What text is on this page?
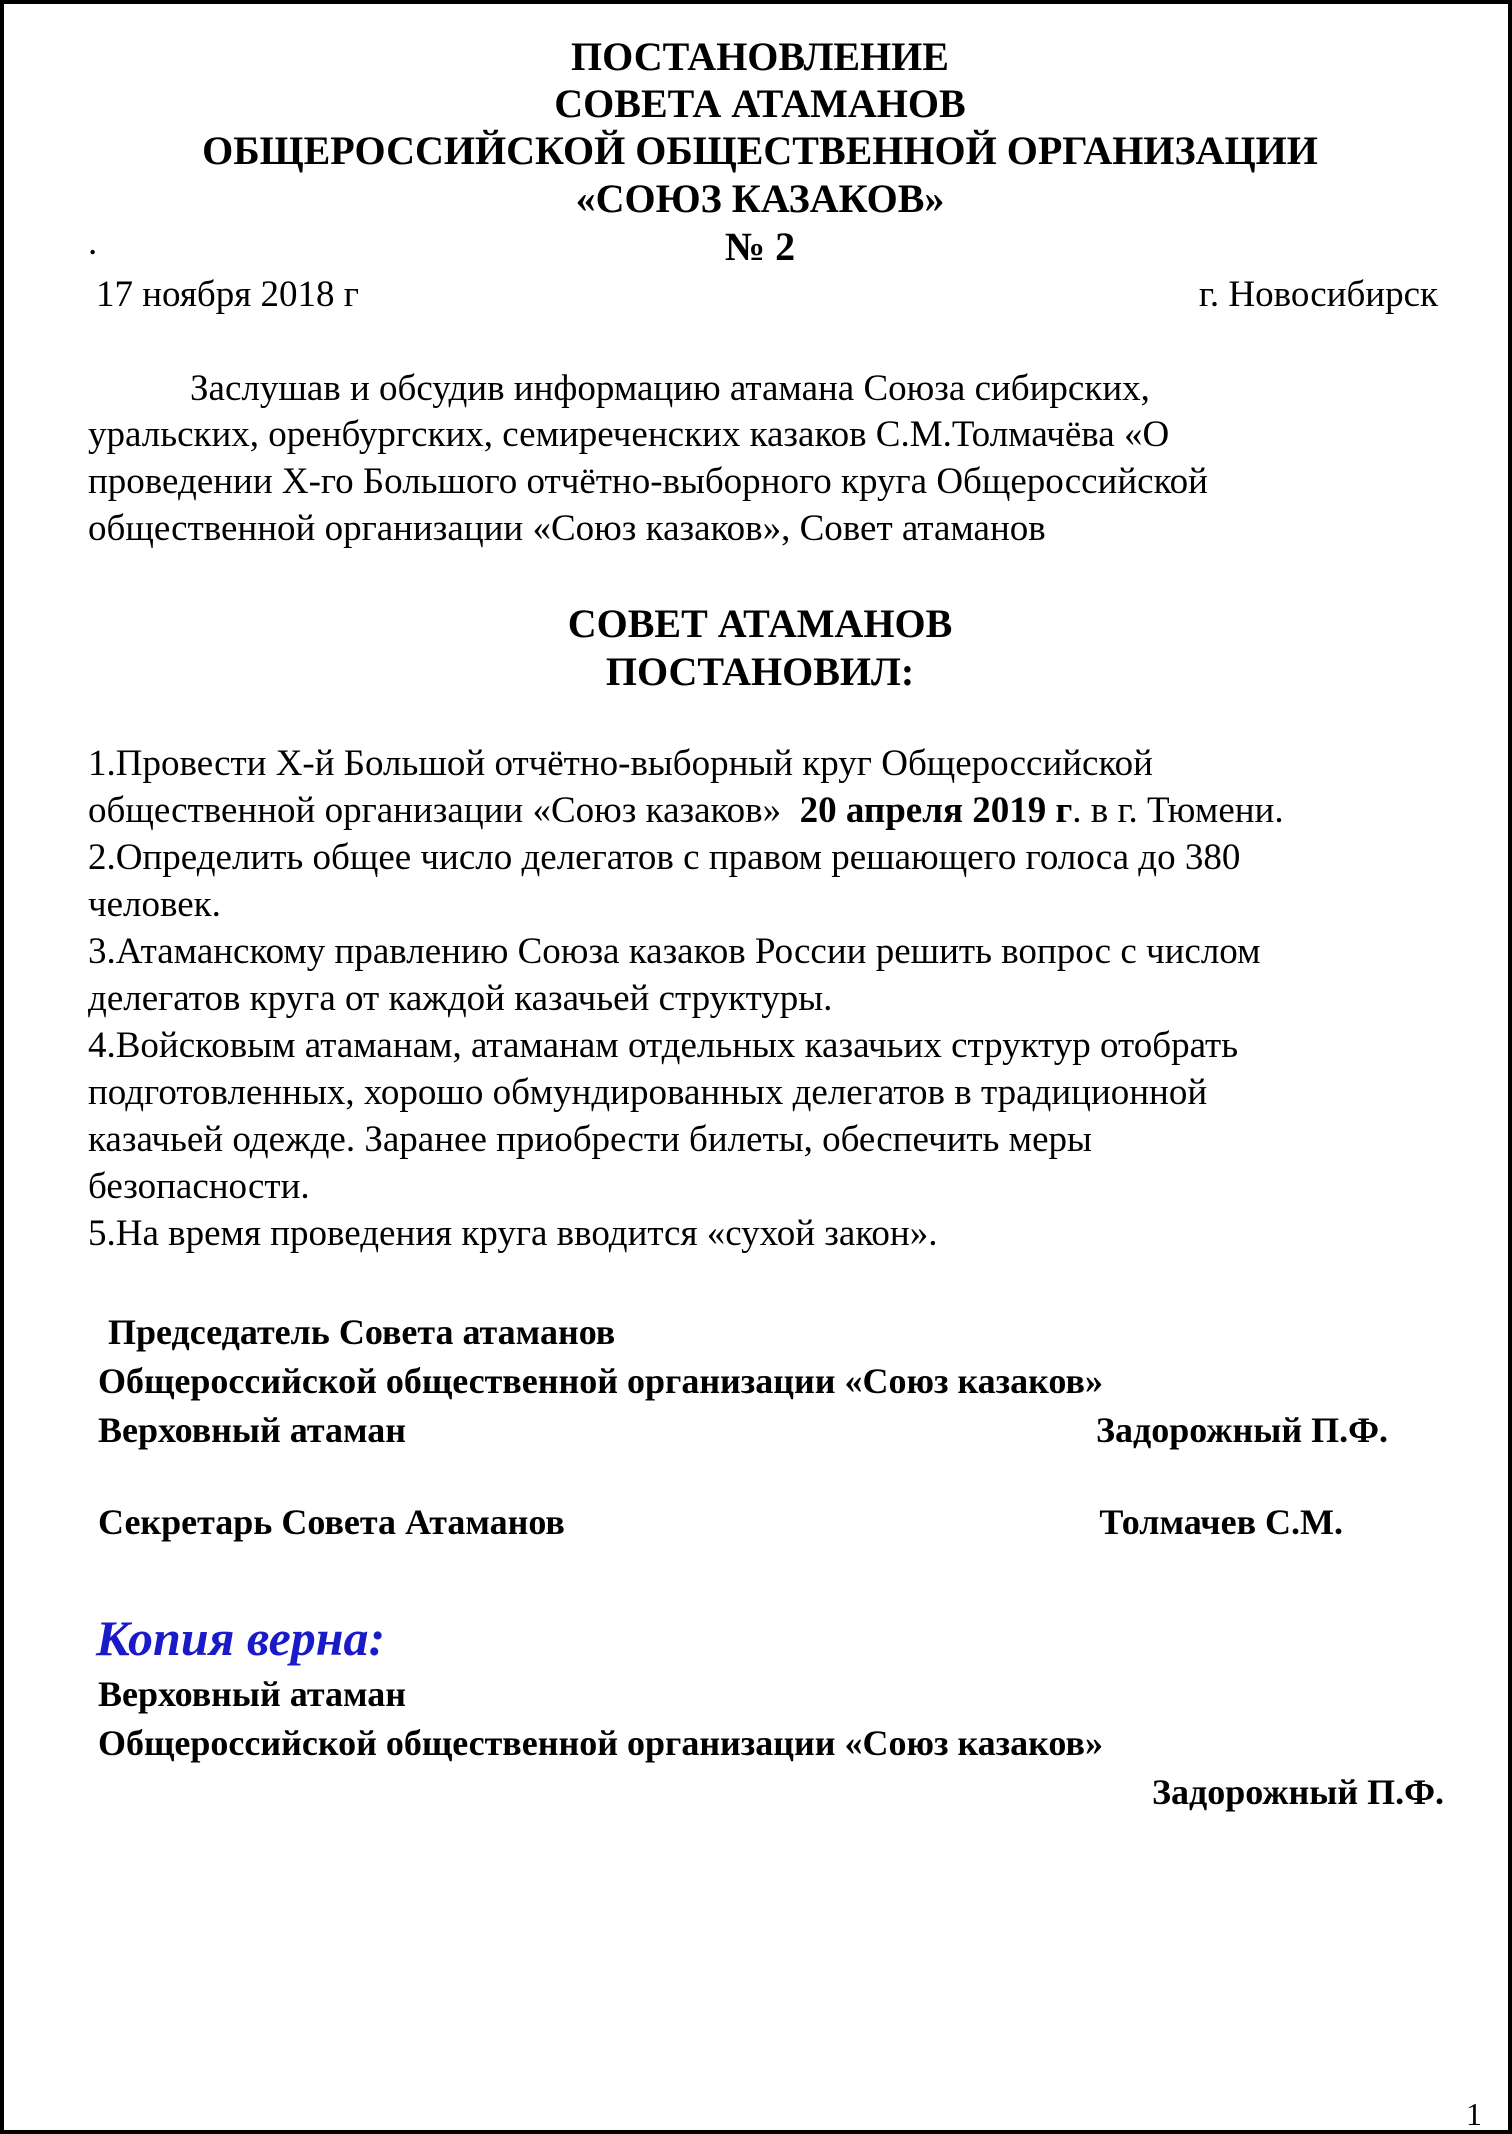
ПОСТАНОВЛЕНИЕ
СОВЕТА АТАМАНОВ
ОБЩЕРОССИЙСКОЙ ОБЩЕСТВЕННОЙ ОРГАНИЗАЦИИ
«СОЮЗ КАЗАКОВ»
.	№ 2
17 ноября 2018 г	г. Новосибирск
Заслушав и обсудив информацию атамана Союза сибирских,
уральских, оренбургских, семиреченских казаков С.М.Толмачёва «О
проведении Х-го Большого отчётно-выборного круга Общероссийской
общественной организации «Союз казаков», Совет атаманов
СОВЕТ АТАМАНОВ
ПОСТАНОВИЛ:
1.Провести Х-й Большой отчётно-выборный круг Общероссийской
общественной организации «Союз казаков»  20 апреля 2019 г. в г. Тюмени.
2.Определить общее число делегатов с правом решающего голоса до 380
человек.
3.Атаманскому правлению Союза казаков России решить вопрос с числом
делегатов круга от каждой казачьей структуры.
4.Войсковым атаманам, атаманам отдельных казачьих структур отобрать
подготовленных, хорошо обмундированных делегатов в традиционной
казачьей одежде. Заранее приобрести билеты, обеспечить меры
безопасности.
5.На время проведения круга вводится «сухой закон».
Председатель Совета атаманов
Общероссийской общественной организации «Союз казаков»
Верховный атаман	Задорожный П.Ф.
Секретарь Совета Атаманов	Толмачев С.М.
Копия верна:
Верховный атаман
Общероссийской общественной организации «Союз казаков»
Задорожный П.Ф.
1
